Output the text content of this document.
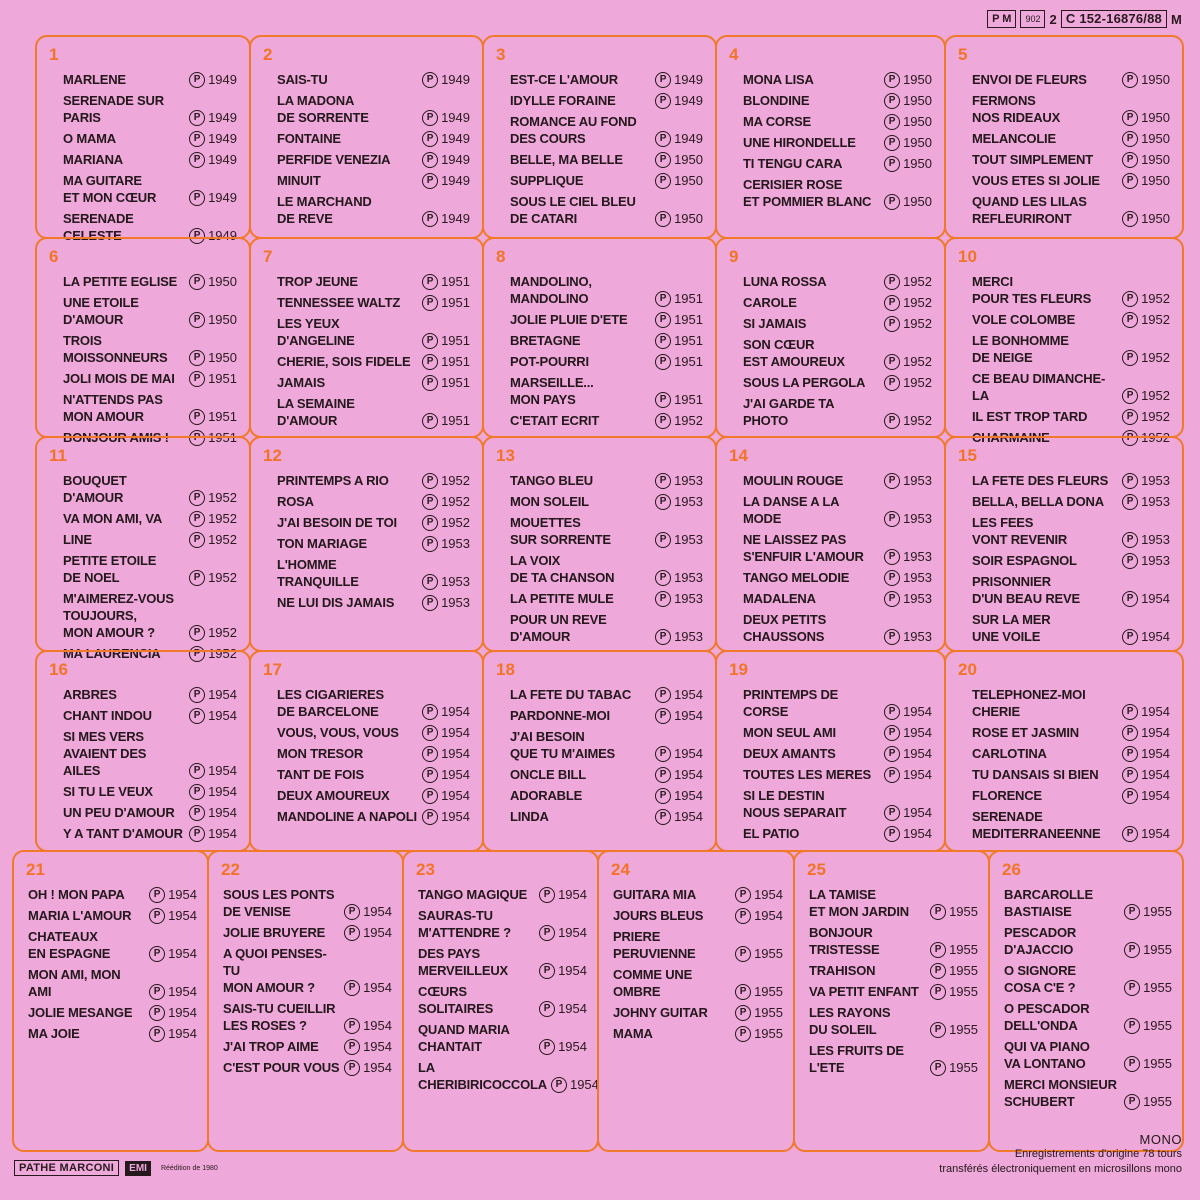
P M	902 2 C 152-16876/88 M
1
MARLENE	P 1949
SERENADE SUR PARIS	P 1949
O MAMA	P 1949
MARIANA	P 1949
MA GUITARE
ET MON CŒUR	P 1949
SERENADE CELESTE	P 1949
2
SAIS-TU	P 1949
LA MADONA
DE SORRENTE	P 1949
FONTAINE	P 1949
PERFIDE VENEZIA	P 1949
MINUIT	P 1949
LE MARCHAND
DE REVE	P 1949
3
EST-CE L'AMOUR	P 1949
IDYLLE FORAINE	P 1949
ROMANCE AU FOND
DES COURS	P 1949
BELLE, MA BELLE	P 1950
SUPPLIQUE	P 1950
SOUS LE CIEL BLEU
DE CATARI	P 1950
4
MONA LISA	P 1950
BLONDINE	P 1950
MA CORSE	P 1950
UNE HIRONDELLE	P 1950
TI TENGU CARA	P 1950
CERISIER ROSE
ET POMMIER BLANC	P 1950
5
ENVOI DE FLEURS	P 1950
FERMONS
NOS RIDEAUX	P 1950
MELANCOLIE	P 1950
TOUT SIMPLEMENT	P 1950
VOUS ETES SI JOLIE	P 1950
QUAND LES LILAS
REFLEURIRONT	P 1950
6
LA PETITE EGLISE	P 1950
UNE ETOILE D'AMOUR	P 1950
TROIS MOISSONNEURS	P 1950
JOLI MOIS DE MAI	P 1951
N'ATTENDS PAS
MON AMOUR	P 1951
BONJOUR AMIS !	P 1951
7
TROP JEUNE	P 1951
TENNESSEE WALTZ	P 1951
LES YEUX D'ANGELINE	P 1951
CHERIE, SOIS FIDELE	P 1951
JAMAIS	P 1951
LA SEMAINE D'AMOUR	P 1951
8
MANDOLINO,
MANDOLINO	P 1951
JOLIE PLUIE D'ETE	P 1951
BRETAGNE	P 1951
POT-POURRI	P 1951
MARSEILLE...
MON PAYS	P 1951
C'ETAIT ECRIT	P 1952
9
LUNA ROSSA	P 1952
CAROLE	P 1952
SI JAMAIS	P 1952
SON CŒUR
EST AMOUREUX	P 1952
SOUS LA PERGOLA	P 1952
J'AI GARDE TA PHOTO	P 1952
10
MERCI
POUR TES FLEURS	P 1952
VOLE COLOMBE	P 1952
LE BONHOMME
DE NEIGE	P 1952
CE BEAU DIMANCHE-LA	P 1952
IL EST TROP TARD	P 1952
CHARMAINE	P 1952
11
BOUQUET D'AMOUR	P 1952
VA MON AMI, VA	P 1952
LINE	P 1952
PETITE ETOILE
DE NOEL	P 1952
M'AIMEREZ-VOUS
TOUJOURS,
MON AMOUR ?	P 1952
MA LAURENCIA	P 1952
12
PRINTEMPS A RIO	P 1952
ROSA	P 1952
J'AI BESOIN DE TOI	P 1952
TON MARIAGE	P 1953
L'HOMME TRANQUILLE	P 1953
NE LUI DIS JAMAIS	P 1953
13
TANGO BLEU	P 1953
MON SOLEIL	P 1953
MOUETTES
SUR SORRENTE	P 1953
LA VOIX
DE TA CHANSON	P 1953
LA PETITE MULE	P 1953
POUR UN REVE
D'AMOUR	P 1953
14
MOULIN ROUGE	P 1953
LA DANSE A LA MODE	P 1953
NE LAISSEZ PAS
S'ENFUIR L'AMOUR	P 1953
TANGO MELODIE	P 1953
MADALENA	P 1953
DEUX PETITS
CHAUSSONS	P 1953
15
LA FETE DES FLEURS	P 1953
BELLA, BELLA DONA	P 1953
LES FEES
VONT REVENIR	P 1953
SOIR ESPAGNOL	P 1953
PRISONNIER
D'UN BEAU REVE	P 1954
SUR LA MER
UNE VOILE	P 1954
16
ARBRES	P 1954
CHANT INDOU	P 1954
SI MES VERS
AVAIENT DES AILES	P 1954
SI TU LE VEUX	P 1954
UN PEU D'AMOUR	P 1954
Y A TANT D'AMOUR	P 1954
17
LES CIGARIERES
DE BARCELONE	P 1954
VOUS, VOUS, VOUS	P 1954
MON TRESOR	P 1954
TANT DE FOIS	P 1954
DEUX AMOUREUX	P 1954
MANDOLINE A NAPOLI P 1954
18
LA FETE DU TABAC	P 1954
PARDONNE-MOI	P 1954
J'AI BESOIN
QUE TU M'AIMES	P 1954
ONCLE BILL	P 1954
ADORABLE	P 1954
LINDA	P 1954
19
PRINTEMPS DE CORSE	P 1954
MON SEUL AMI	P 1954
DEUX AMANTS	P 1954
TOUTES LES MERES	P 1954
SI LE DESTIN
NOUS SEPARAIT	P 1954
EL PATIO	P 1954
20
TELEPHONEZ-MOI
CHERIE	P 1954
ROSE ET JASMIN	P 1954
CARLOTINA	P 1954
TU DANSAIS SI BIEN	P 1954
FLORENCE	P 1954
SERENADE
MEDITERRANEENNE	P 1954
21
OH ! MON PAPA	P 1954
MARIA L'AMOUR	P 1954
CHATEAUX
EN ESPAGNE	P 1954
MON AMI, MON AMI	P 1954
JOLIE MESANGE	P 1954
MA JOIE	P 1954
22
SOUS LES PONTS
DE VENISE	P 1954
JOLIE BRUYERE	P 1954
A QUOI PENSES-TU
MON AMOUR ?	P 1954
SAIS-TU CUEILLIR
LES ROSES ?	P 1954
J'AI TROP AIME	P 1954
C'EST POUR VOUS P 1954
23
TANGO MAGIQUE	P 1954
SAURAS-TU
M'ATTENDRE ?	P 1954
DES PAYS
MERVEILLEUX	P 1954
CŒURS SOLITAIRES	P 1954
QUAND MARIA
CHANTAIT	P 1954
LA
CHERIBIRICOCCOLA P 1954
24
GUITARA MIA	P 1954
JOURS BLEUS	P 1954
PRIERE PERUVIENNE	P 1955
COMME UNE OMBRE	P 1955
JOHNY GUITAR	P 1955
MAMA	P 1955
25
LA TAMISE
ET MON JARDIN	P 1955
BONJOUR TRISTESSE	P 1955
TRAHISON	P 1955
VA PETIT ENFANT	P 1955
LES RAYONS
DU SOLEIL	P 1955
LES FRUITS DE L'ETE	P 1955
26
BARCAROLLE
BASTIAISE	P 1955
PESCADOR
D'AJACCIO	P 1955
O SIGNORE
COSA C'E ?	P 1955
O PESCADOR
DELL'ONDA	P 1955
QUI VA PIANO
VA LONTANO	P 1955
MERCI MONSIEUR
SCHUBERT	P 1955
PATHE MARCONI	EMI	Réédition de 1980
MONO
Enregistrements d'origine 78 tours
transférés électroniquement en microsillons mono
